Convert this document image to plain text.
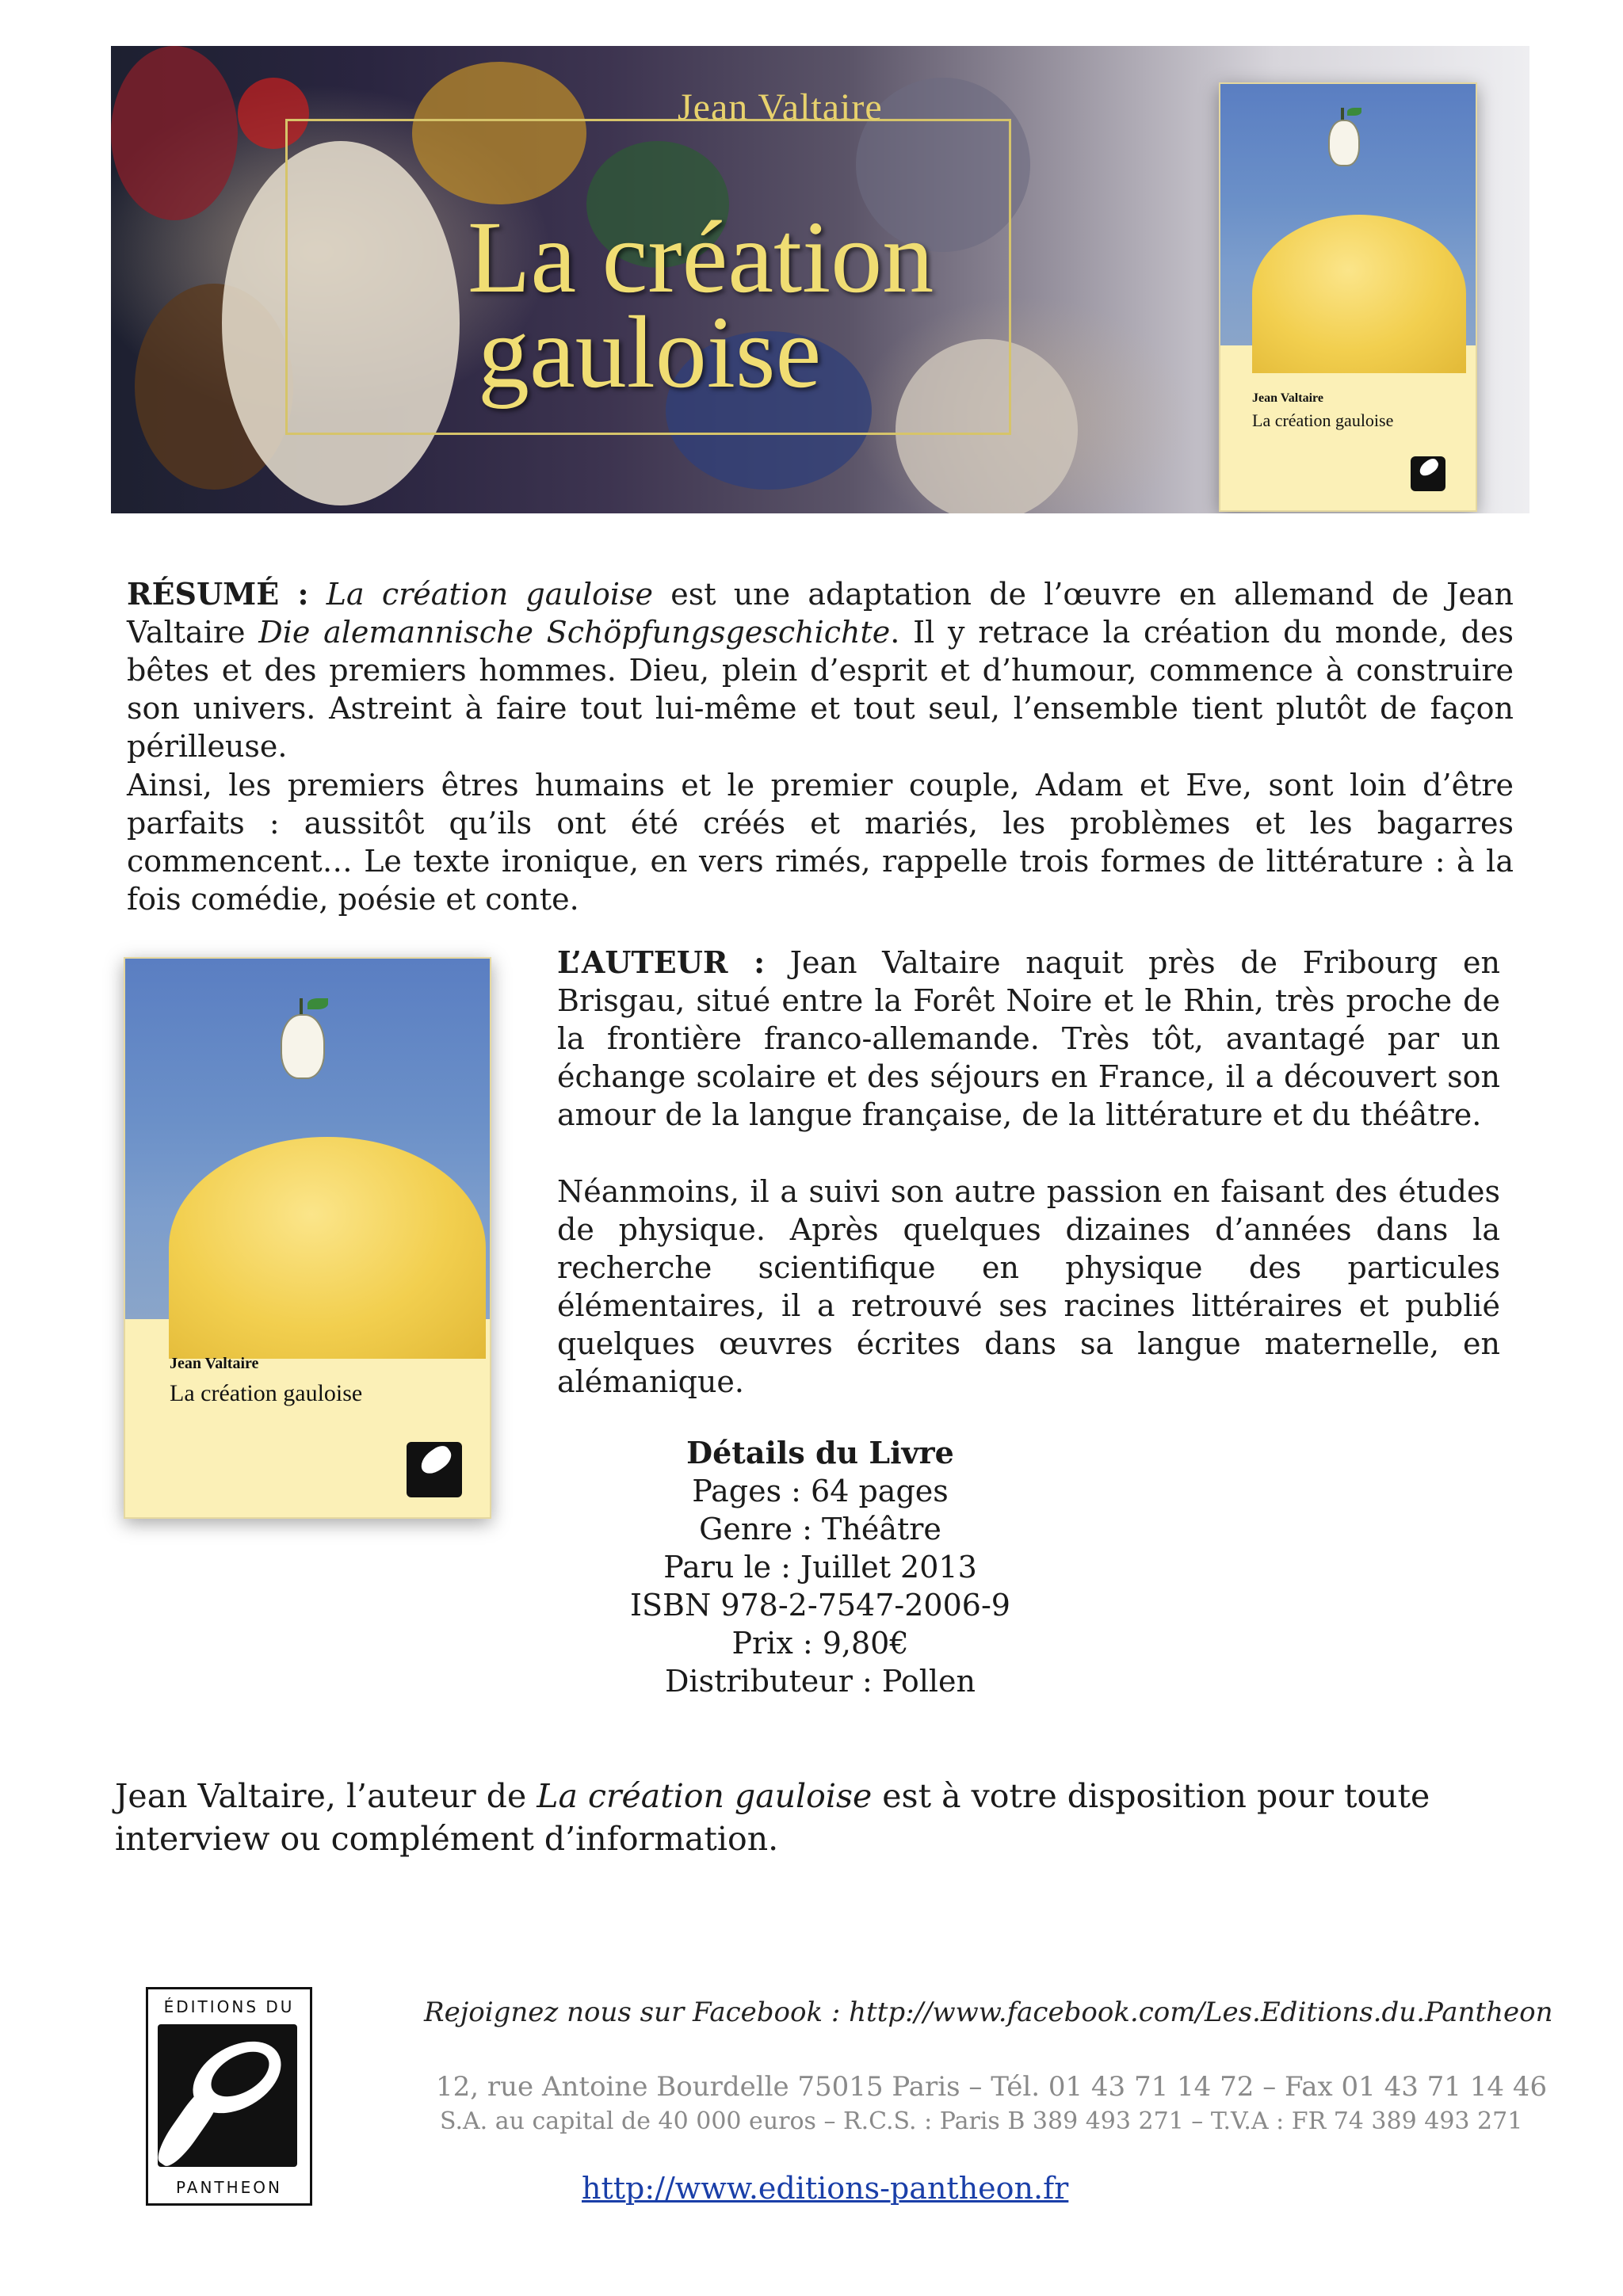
Jean Valtaire
La création
gauloise	Jean Valtaire
La création gauloise
RÉSUMÉ : La création gauloise est une adaptation de l’œuvre en allemand de Jean Valtaire Die alemannische Schöpfungsgeschichte. Il y retrace la création du monde, des bêtes et des premiers hommes. Dieu, plein d’esprit et d’humour, commence à construire son univers. Astreint à faire tout lui-même et tout seul, l’ensemble tient plutôt de façon périlleuse.
Ainsi, les premiers êtres humains et le premier couple, Adam et Eve, sont loin d’être parfaits : aussitôt qu’ils ont été créés et mariés, les problèmes et les bagarres commencent… Le texte ironique, en vers rimés, rappelle trois formes de littérature : à la fois comédie, poésie et conte.
Jean Valtaire
La création gauloise
L’AUTEUR : Jean Valtaire naquit près de Fribourg en Brisgau, situé entre la Forêt Noire et le Rhin, très proche de la frontière franco-allemande. Très tôt, avantagé par un échange scolaire et des séjours en France, il a découvert son amour de la langue française, de la littérature et du théâtre.
Néanmoins, il a suivi son autre passion en faisant des études de physique. Après quelques dizaines d’années dans la recherche scientifique en physique des particules élémentaires, il a retrouvé ses racines littéraires et publié quelques œuvres écrites dans sa langue maternelle, en alémanique.
Détails du Livre
Pages : 64 pages
Genre : Théâtre
Paru le : Juillet 2013
ISBN 978-2-7547-2006-9
Prix : 9,80€
Distributeur : Pollen
Jean Valtaire, l’auteur de La création gauloise est à votre disposition pour toute interview ou complément d’information.
ÉDITIONS DU
PANTHEON
Rejoignez nous sur Facebook : http://www.facebook.com/Les.Editions.du.Pantheon
12, rue Antoine Bourdelle 75015 Paris – Tél. 01 43 71 14 72 – Fax 01 43 71 14 46
S.A. au capital de 40 000 euros – R.C.S. : Paris B 389 493 271 – T.V.A : FR 74 389 493 271
http://www.editions-pantheon.fr
